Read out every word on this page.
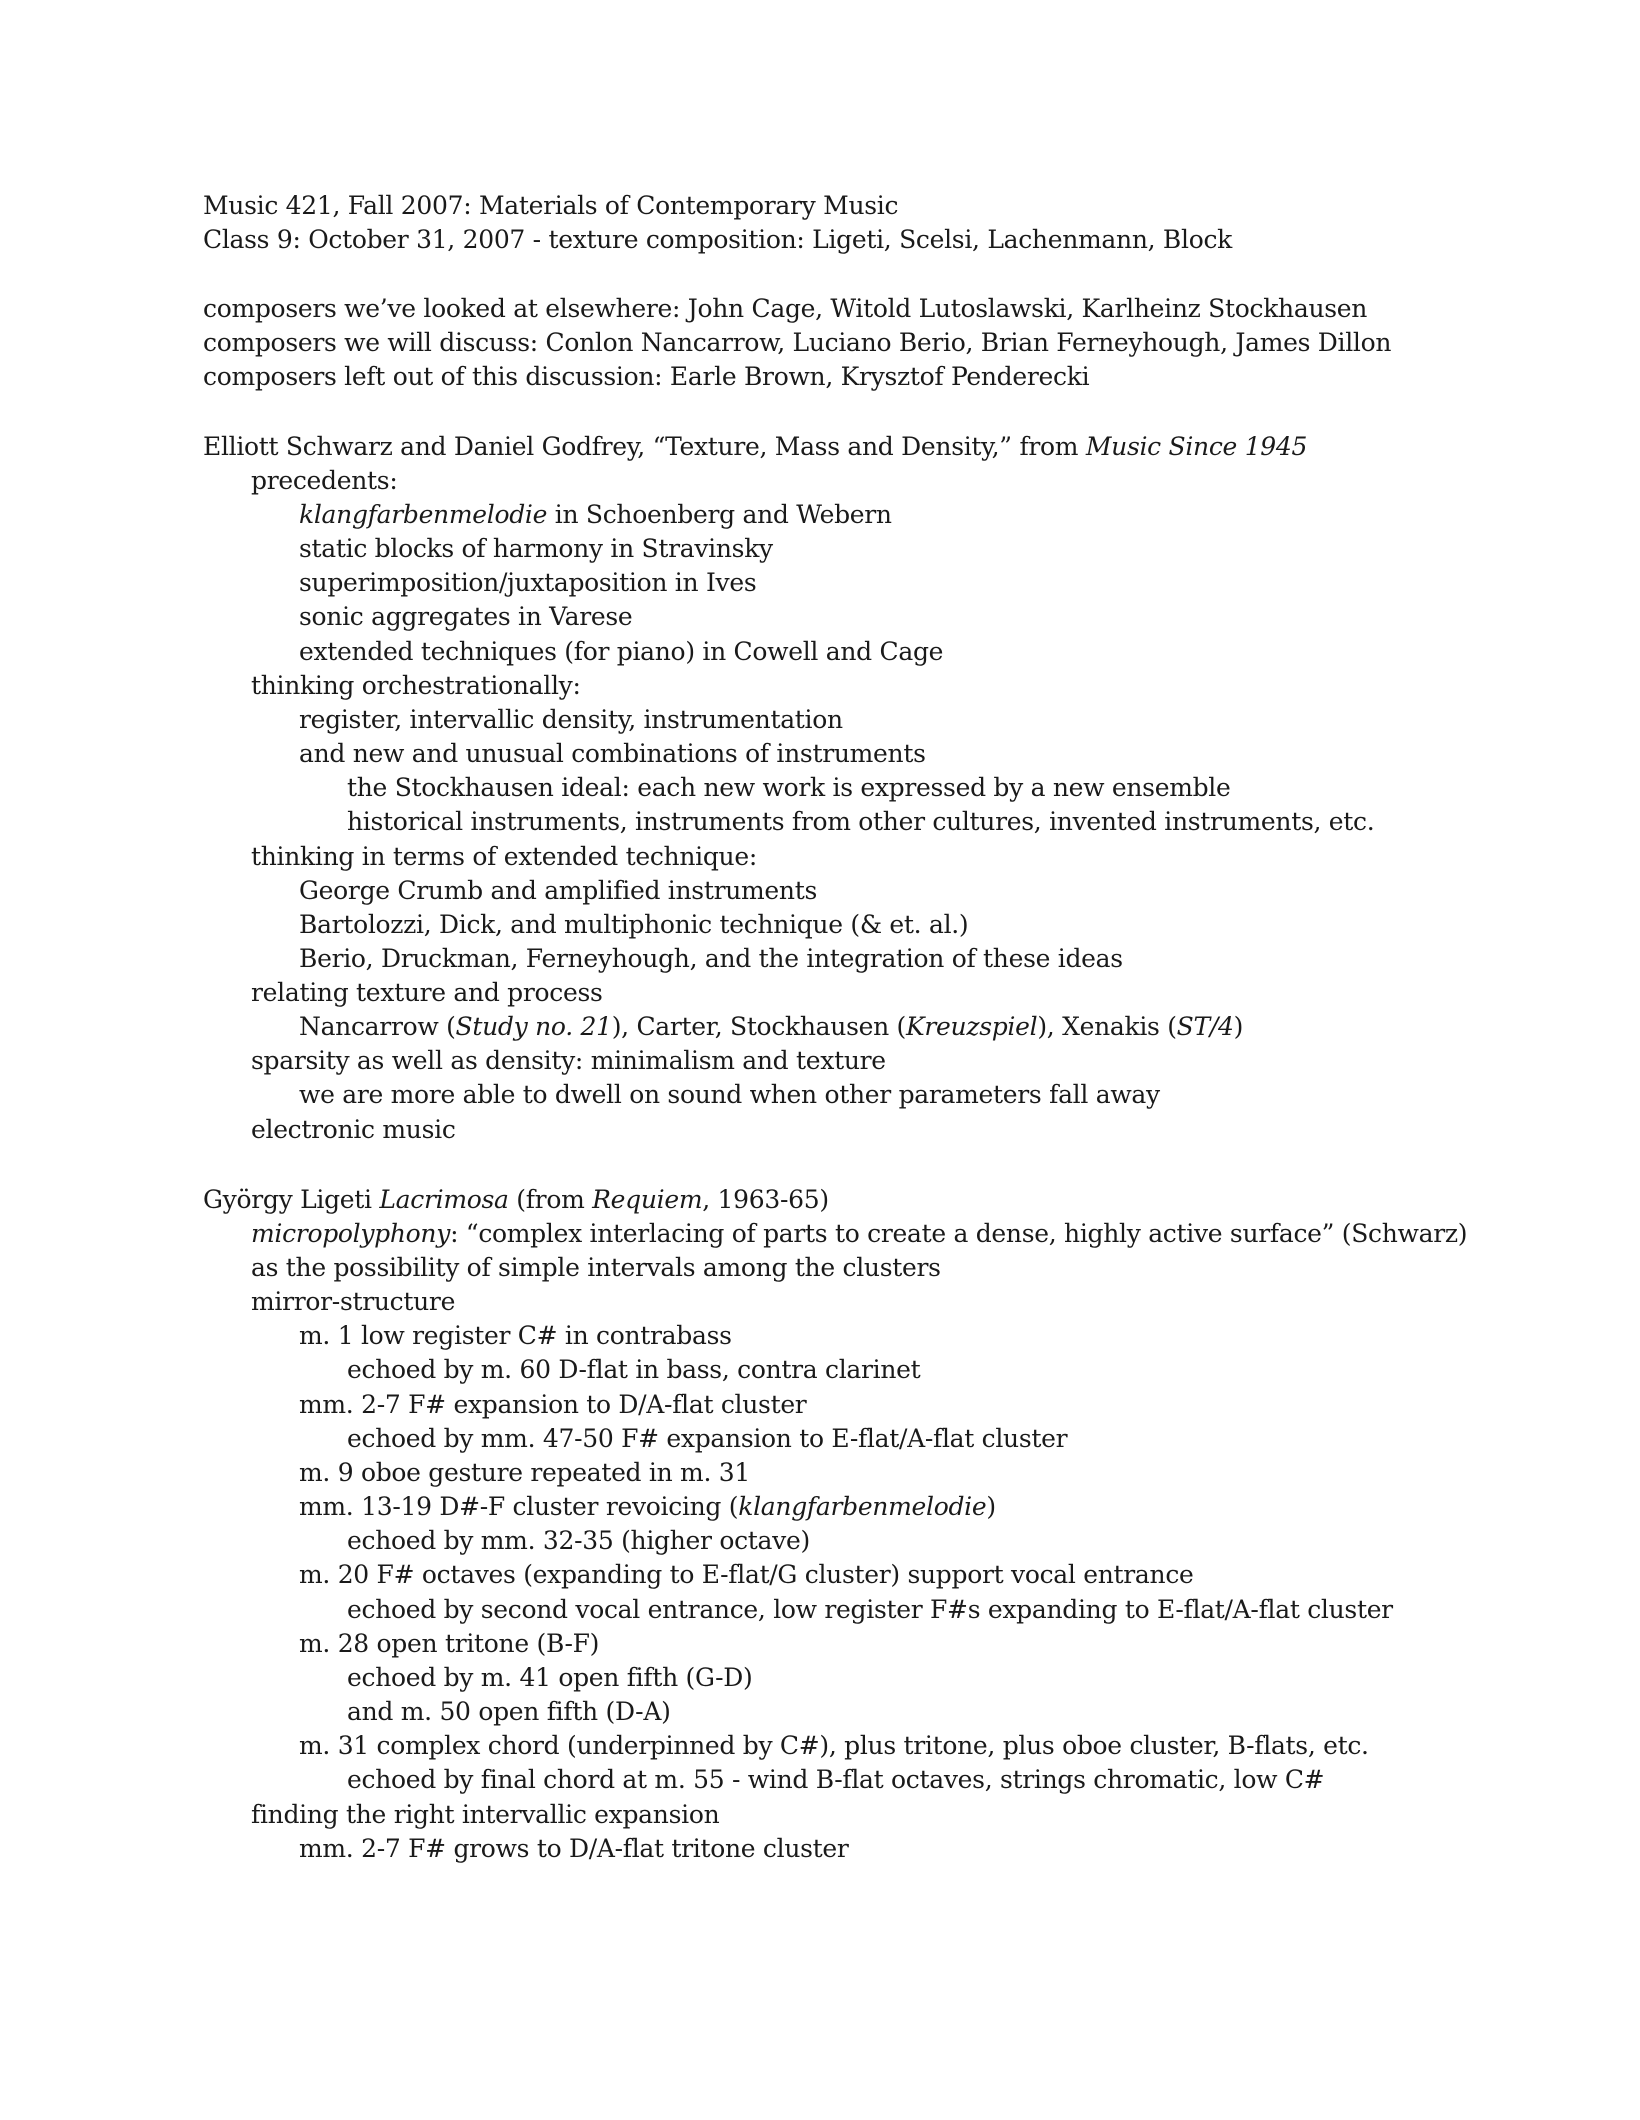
Music 421, Fall 2007: Materials of Contemporary Music
Class 9: October 31, 2007 - texture composition: Ligeti, Scelsi, Lachenmann, Block
composers we’ve looked at elsewhere: John Cage, Witold Lutoslawski, Karlheinz Stockhausen
composers we will discuss: Conlon Nancarrow, Luciano Berio, Brian Ferneyhough, James Dillon
composers left out of this discussion: Earle Brown, Krysztof Penderecki
Elliott Schwarz and Daniel Godfrey, “Texture, Mass and Density,” from Music Since 1945
precedents:
klangfarbenmelodie in Schoenberg and Webern
static blocks of harmony in Stravinsky
superimposition/juxtaposition in Ives
sonic aggregates in Varese
extended techniques (for piano) in Cowell and Cage
thinking orchestrationally:
register, intervallic density, instrumentation
and new and unusual combinations of instruments
the Stockhausen ideal: each new work is expressed by a new ensemble
historical instruments, instruments from other cultures, invented instruments, etc.
thinking in terms of extended technique:
George Crumb and amplified instruments
Bartolozzi, Dick, and multiphonic technique (& et. al.)
Berio, Druckman, Ferneyhough, and the integration of these ideas
relating texture and process
Nancarrow (Study no. 21), Carter, Stockhausen (Kreuzspiel), Xenakis (ST/4)
sparsity as well as density: minimalism and texture
we are more able to dwell on sound when other parameters fall away
electronic music
György Ligeti Lacrimosa (from Requiem, 1963-65)
micropolyphony: “complex interlacing of parts to create a dense, highly active surface” (Schwarz)
as the possibility of simple intervals among the clusters
mirror-structure
m. 1 low register C# in contrabass
echoed by m. 60 D-flat in bass, contra clarinet
mm. 2-7 F# expansion to D/A-flat cluster
echoed by mm. 47-50 F# expansion to E-flat/A-flat cluster
m. 9 oboe gesture repeated in m. 31
mm. 13-19 D#-F cluster revoicing (klangfarbenmelodie)
echoed by mm. 32-35 (higher octave)
m. 20 F# octaves (expanding to E-flat/G cluster) support vocal entrance
echoed by second vocal entrance, low register F#s expanding to E-flat/A-flat cluster
m. 28 open tritone (B-F)
echoed by m. 41 open fifth (G-D)
and m. 50 open fifth (D-A)
m. 31 complex chord (underpinned by C#), plus tritone, plus oboe cluster, B-flats, etc.
echoed by final chord at m. 55 - wind B-flat octaves, strings chromatic, low C#
finding the right intervallic expansion
mm. 2-7 F# grows to D/A-flat tritone cluster
